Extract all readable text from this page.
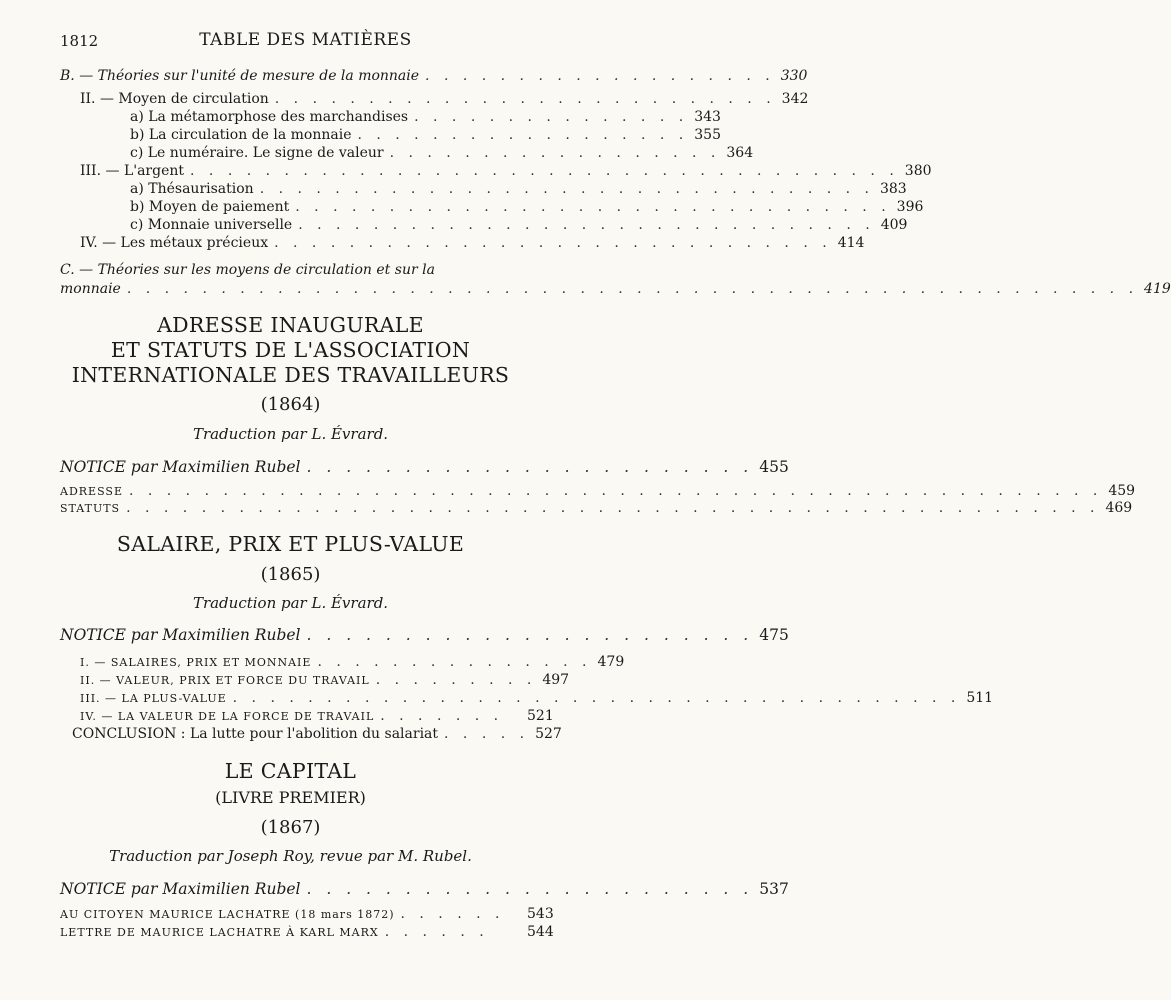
1812	TABLE DES MATIÈRES
B. — Théories sur l'unité de mesure de la monnaie . . . . . . . . . . . . . . . . . . . 330
II. — Moyen de circulation . . . . . . . . . . . . . . . . . . . . . . . . . . . 342
a) La métamorphose des marchandises . . . . . . . . . . . . . . . 343
b) La circulation de la monnaie . . . . . . . . . . . . . . . . . . 355
c) Le numéraire. Le signe de valeur . . . . . . . . . . . . . . . . . . 364
III. — L'argent . . . . . . . . . . . . . . . . . . . . . . . . . . . . . . . . . . . . . . 380
a) Thésaurisation . . . . . . . . . . . . . . . . . . . . . . . . . . . . . . . . . 383
b) Moyen de paiement . . . . . . . . . . . . . . . . . . . . . . . . . . . . . . . . 396
c) Monnaie universelle . . . . . . . . . . . . . . . . . . . . . . . . . . . . . . . 409
IV. — Les métaux précieux . . . . . . . . . . . . . . . . . . . . . . . . . . . . . . 414
C. — Théories sur les moyens de circulation et sur la
monnaie . . . . . . . . . . . . . . . . . . . . . . . . . . . . . . . . . . . . . . . . . . . . . . . . . . . . . . 419
ADRESSE INAUGURALE
ET STATUTS DE L'ASSOCIATION
INTERNATIONALE DES TRAVAILLEURS
(1864)
Traduction par L. Évrard.
NOTICE par Maximilien Rubel . . . . . . . . . . . . . . . . . . . . . . . 455
ADRESSE . . . . . . . . . . . . . . . . . . . . . . . . . . . . . . . . . . . . . . . . . . . . . . . . . . . . 459
STATUTS . . . . . . . . . . . . . . . . . . . . . . . . . . . . . . . . . . . . . . . . . . . . . . . . . . . . 469
SALAIRE, PRIX ET PLUS-VALUE
(1865)
Traduction par L. Évrard.
NOTICE par Maximilien Rubel . . . . . . . . . . . . . . . . . . . . . . . 475
I. — SALAIRES, PRIX ET MONNAIE . . . . . . . . . . . . . . . 479
II. — VALEUR, PRIX ET FORCE DU TRAVAIL . . . . . . . . . 497
III. — LA PLUS-VALUE . . . . . . . . . . . . . . . . . . . . . . . . . . . . . . . . . . . . . . . 511
IV. — LA VALEUR DE LA FORCE DE TRAVAIL . . . . . . .	521
CONCLUSION : La lutte pour l'abolition du salariat . . . . . 527
LE CAPITAL
(LIVRE PREMIER)
(1867)
Traduction par Joseph Roy, revue par M. Rubel.
NOTICE par Maximilien Rubel . . . . . . . . . . . . . . . . . . . . . . . 537
AU CITOYEN MAURICE LACHATRE (18 mars 1872) . . . . . .	543
LETTRE DE MAURICE LACHATRE À KARL MARX . . . . . .	544
